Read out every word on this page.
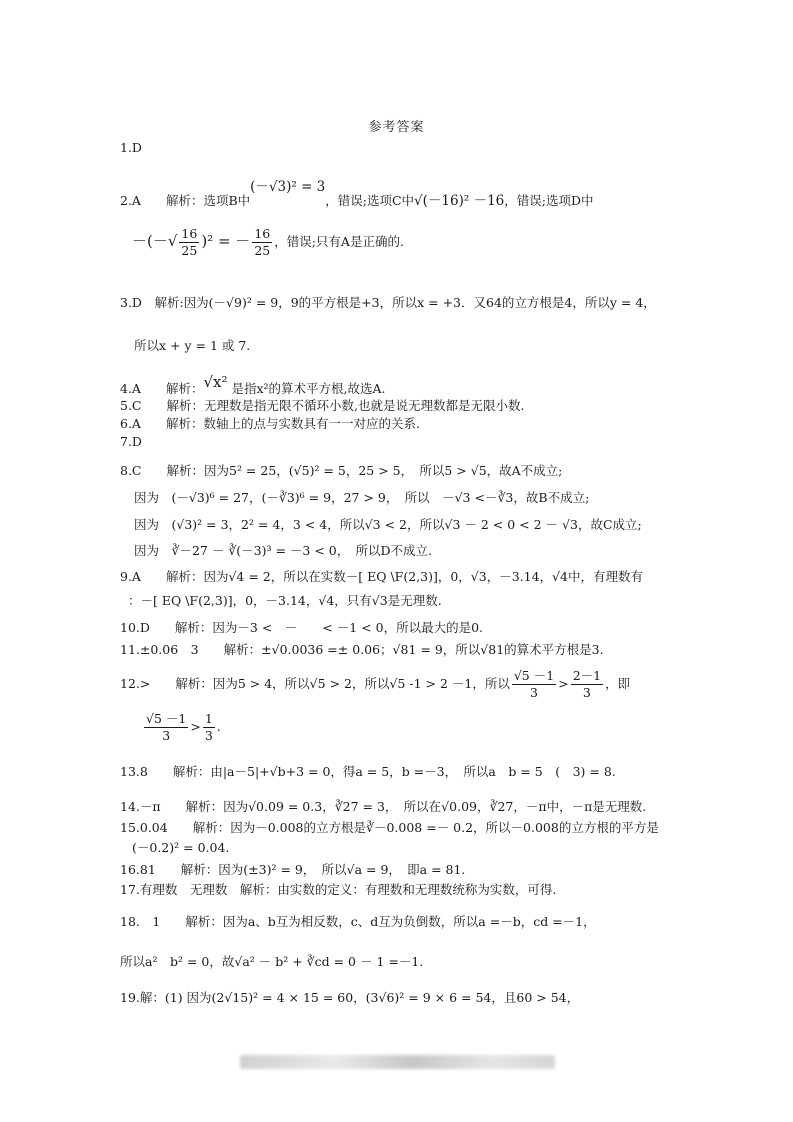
参考答案
1.D
2.A　　解析：选项B中(－√3)² = 3，错误;选项C中√(－16)² －16，错误;选项D中
－(－√ $\frac{16}{25} )^2$ = － $\frac{16}{25}$ ，错误;只有A是正确的.
3.D　解析:因为(－√9)² = 9，9的平方根是+3，所以x = +3．又64的立方根是4，所以y = 4，
所以x + y = 1 或 7.
4.A　　解析：√x² 是指x²的算术平方根,故选A.
5.C　　解析：无理数是指无限不循环小数,也就是说无理数都是无限小数.
6.A　　解析：数轴上的点与实数具有一一对应的关系.
7.D
8.C　　解析：因为5² = 25，(√5)² = 5，25 > 5，　所以5 > √5，故A不成立;
因为　(－√3)⁶ = 27，(－∛3)⁶ = 9，27 > 9，　所以　－√3 <－∛3，故B不成立;
因为　(√3)² = 3，2² = 4，3 < 4，所以√3 < 2，所以√3 － 2 < 0 < 2 － √3，故C成立;
因为　∛－27 － ∛(－3)³ = －3 < 0，　所以D不成立.
9.A　　解析：因为√4 = 2，所以在实数－[ EQ \F(2,3)]，0，√3，－3.14，√4中，有理数有
：－[ EQ \F(2,3)]，0，－3.14，√4，只有√3是无理数.
10.D　　解析：因为－3 <　－　　< －1 < 0，所以最大的是0.
11.±0.06　3　　解析：±√0.0036 =± 0.06；√81 = 9，所以√81的算术平方根是3.
12.>　　解析：因为5 > 4，所以√5 > 2，所以√5 -1 > 2 －1，所以 $\frac{√5 -1}{3} > \frac{2-1}{3}$ ，即
$\frac{√5 -1}{3} > \frac{1}{3}$ .
13.8　　解析：由|a－5|+√b+3 = 0，得a = 5，b =－3，　所以a　b = 5　(　3) = 8.
14.－π　　解析：因为√0.09 = 0.3，∛27 = 3，　所以在√0.09，∛27，－π中，－π是无理数.
15.0.04　　解析：因为－0.008的立方根是∛－0.008 =－ 0.2，所以－0.008的立方根的平方是
(－0.2)² = 0.04.
16.81　　解析：因为(±3)² = 9，　所以√a = 9，　即a = 81.
17.有理数　无理数　解析：由实数的定义：有理数和无理数统称为实数，可得.
18.　1　　解析：因为a、b互为相反数，c、d互为负倒数，所以a =－b，cd =－1，
所以a²　b² = 0，故√a² － b² + ∛cd = 0 － 1 =－1.
19.解：(1) 因为(2√15)² = 4 × 15 = 60，(3√6)² = 9 × 6 = 54，且60 > 54，
